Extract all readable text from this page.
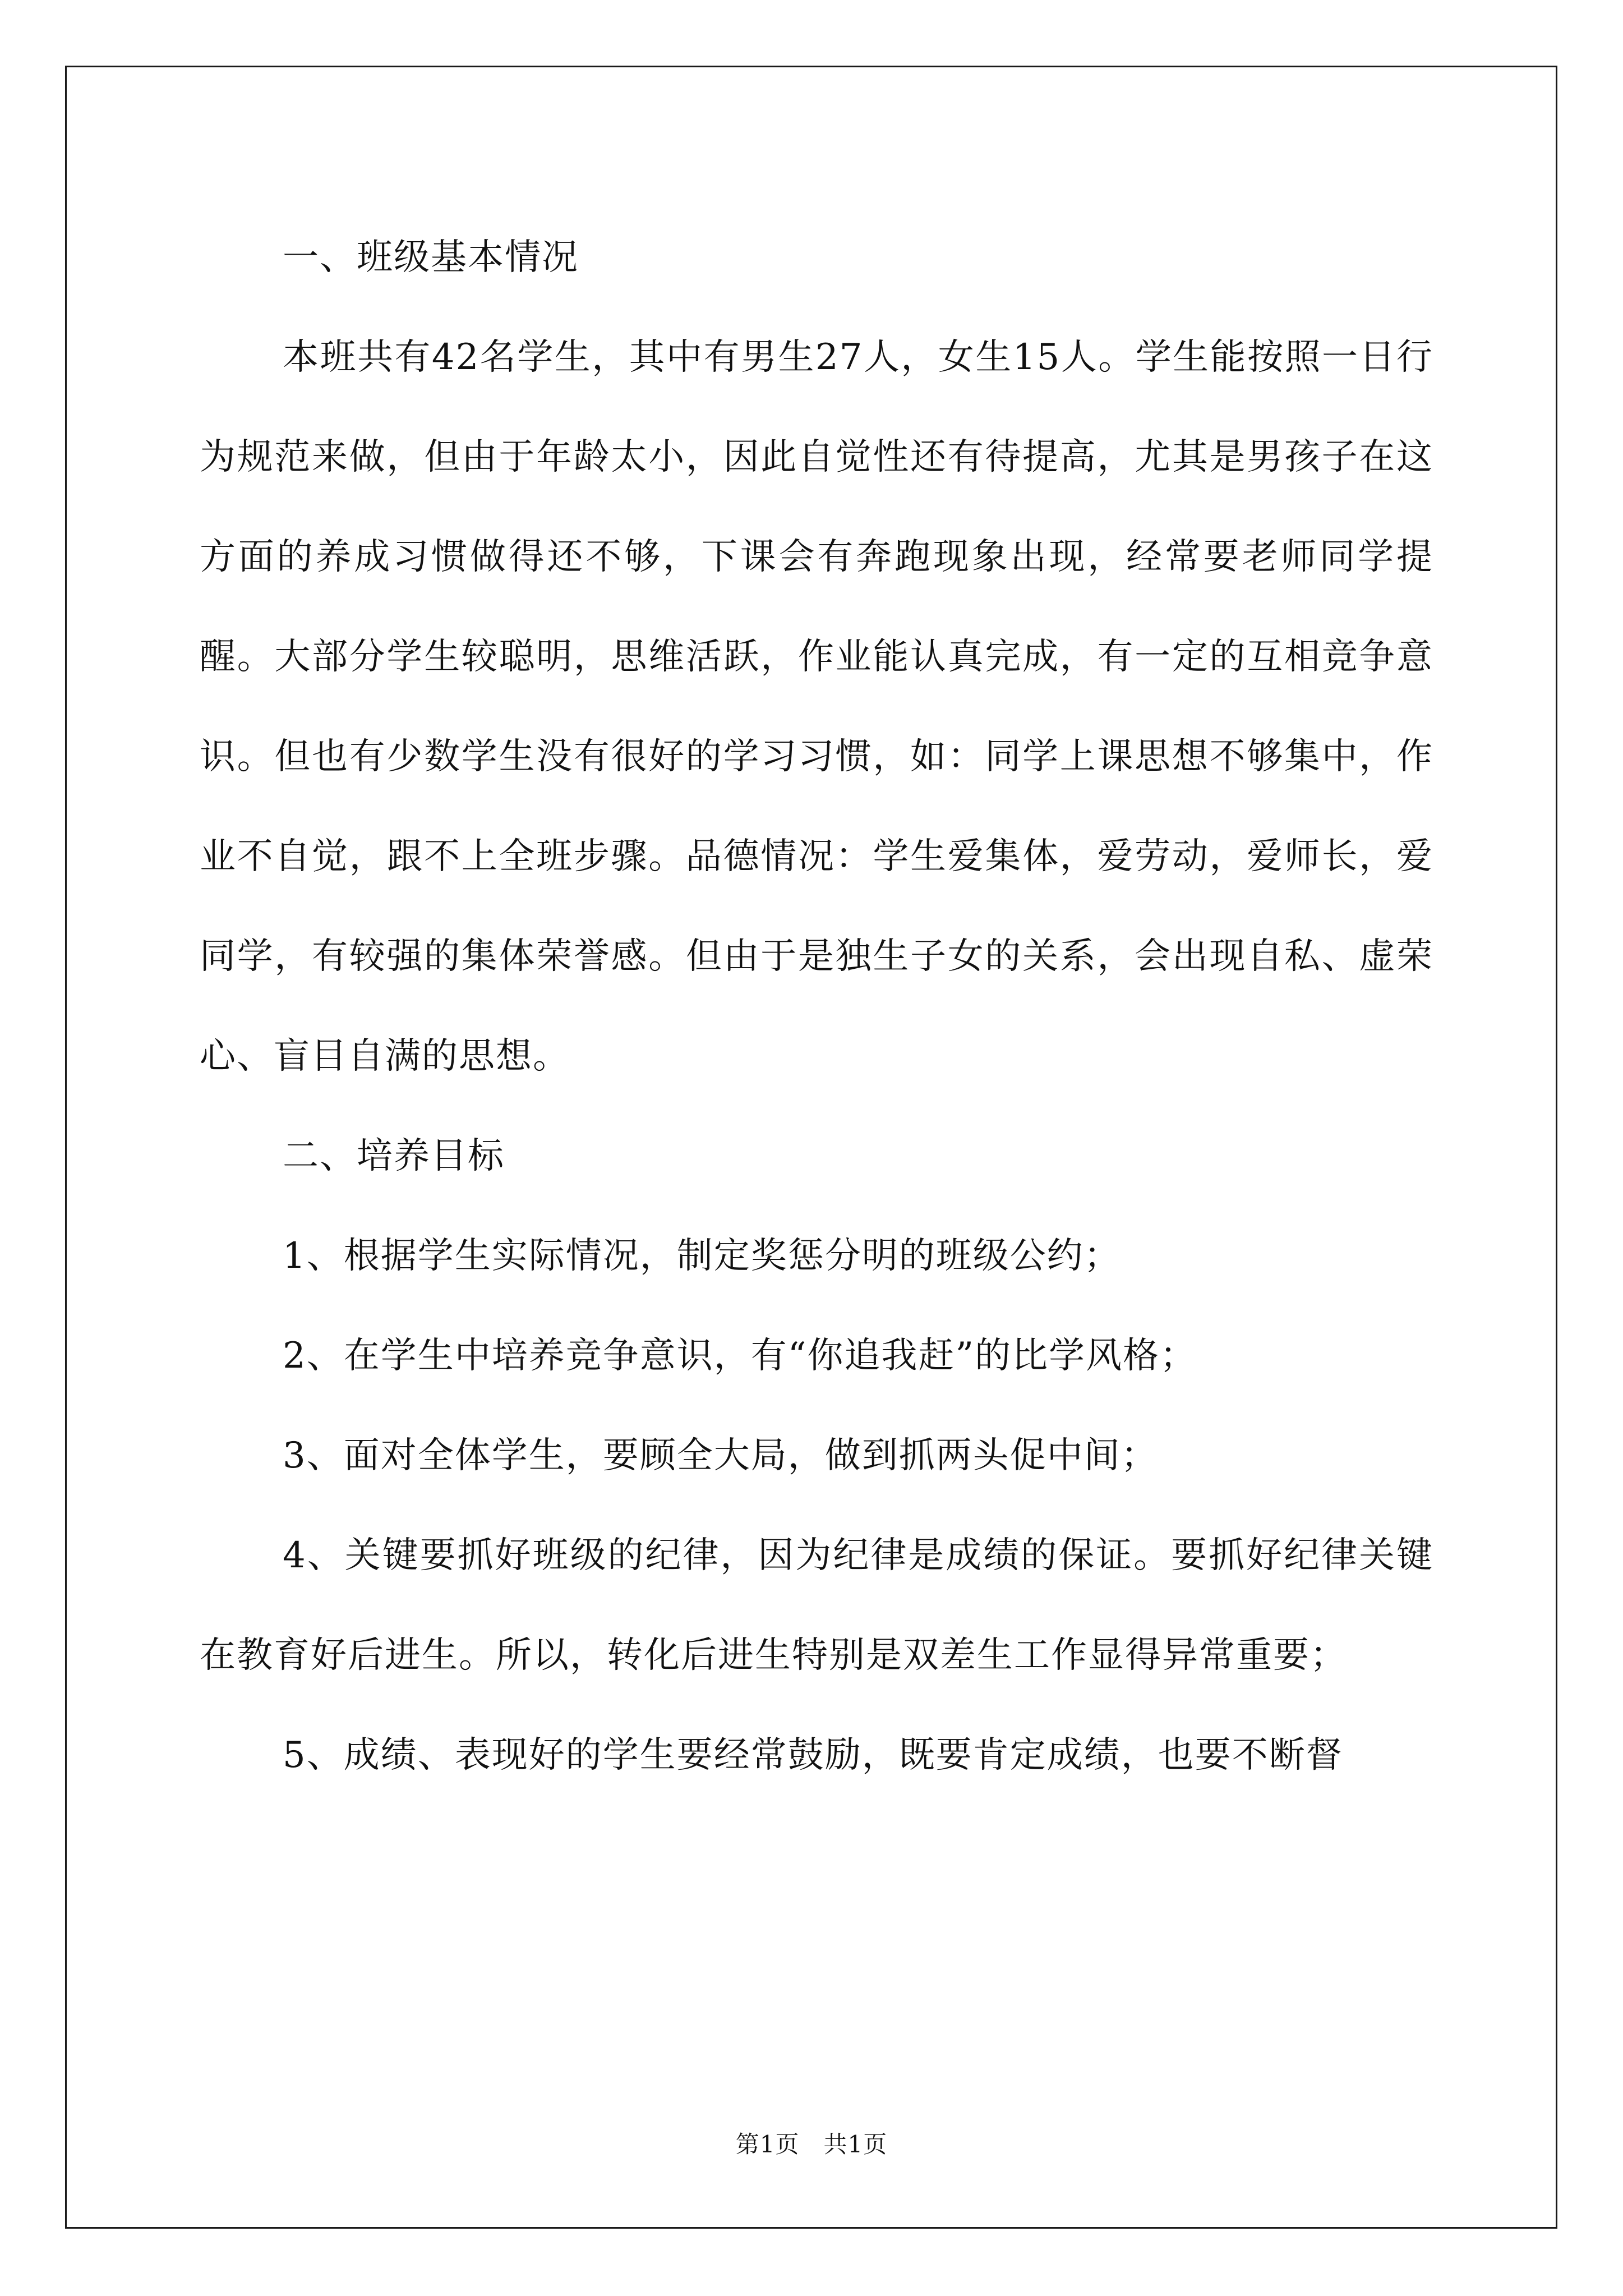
一、班级基本情况

本班共有42名学生，其中有男生27人，女生15人。学生能按照一日行为规范来做，但由于年龄太小，因此自觉性还有待提高，尤其是男孩子在这方面的养成习惯做得还不够，下课会有奔跑现象出现，经常要老师同学提醒。大部分学生较聪明，思维活跃，作业能认真完成，有一定的互相竞争意识。但也有少数学生没有很好的学习习惯，如：同学上课思想不够集中，作业不自觉，跟不上全班步骤。品德情况：学生爱集体，爱劳动，爱师长，爱同学，有较强的集体荣誉感。但由于是独生子女的关系，会出现自私、虚荣心、盲目自满的思想。

二、培养目标

1、根据学生实际情况，制定奖惩分明的班级公约；

2、在学生中培养竞争意识，有“你追我赶”的比学风格；

3、面对全体学生，要顾全大局，做到抓两头促中间；

4、关键要抓好班级的纪律，因为纪律是成绩的保证。要抓好纪律关键在教育好后进生。所以，转化后进生特别是双差生工作显得异常重要；

5、成绩、表现好的学生要经常鼓励，既要肯定成绩，也要不断督

第1页　共1页
